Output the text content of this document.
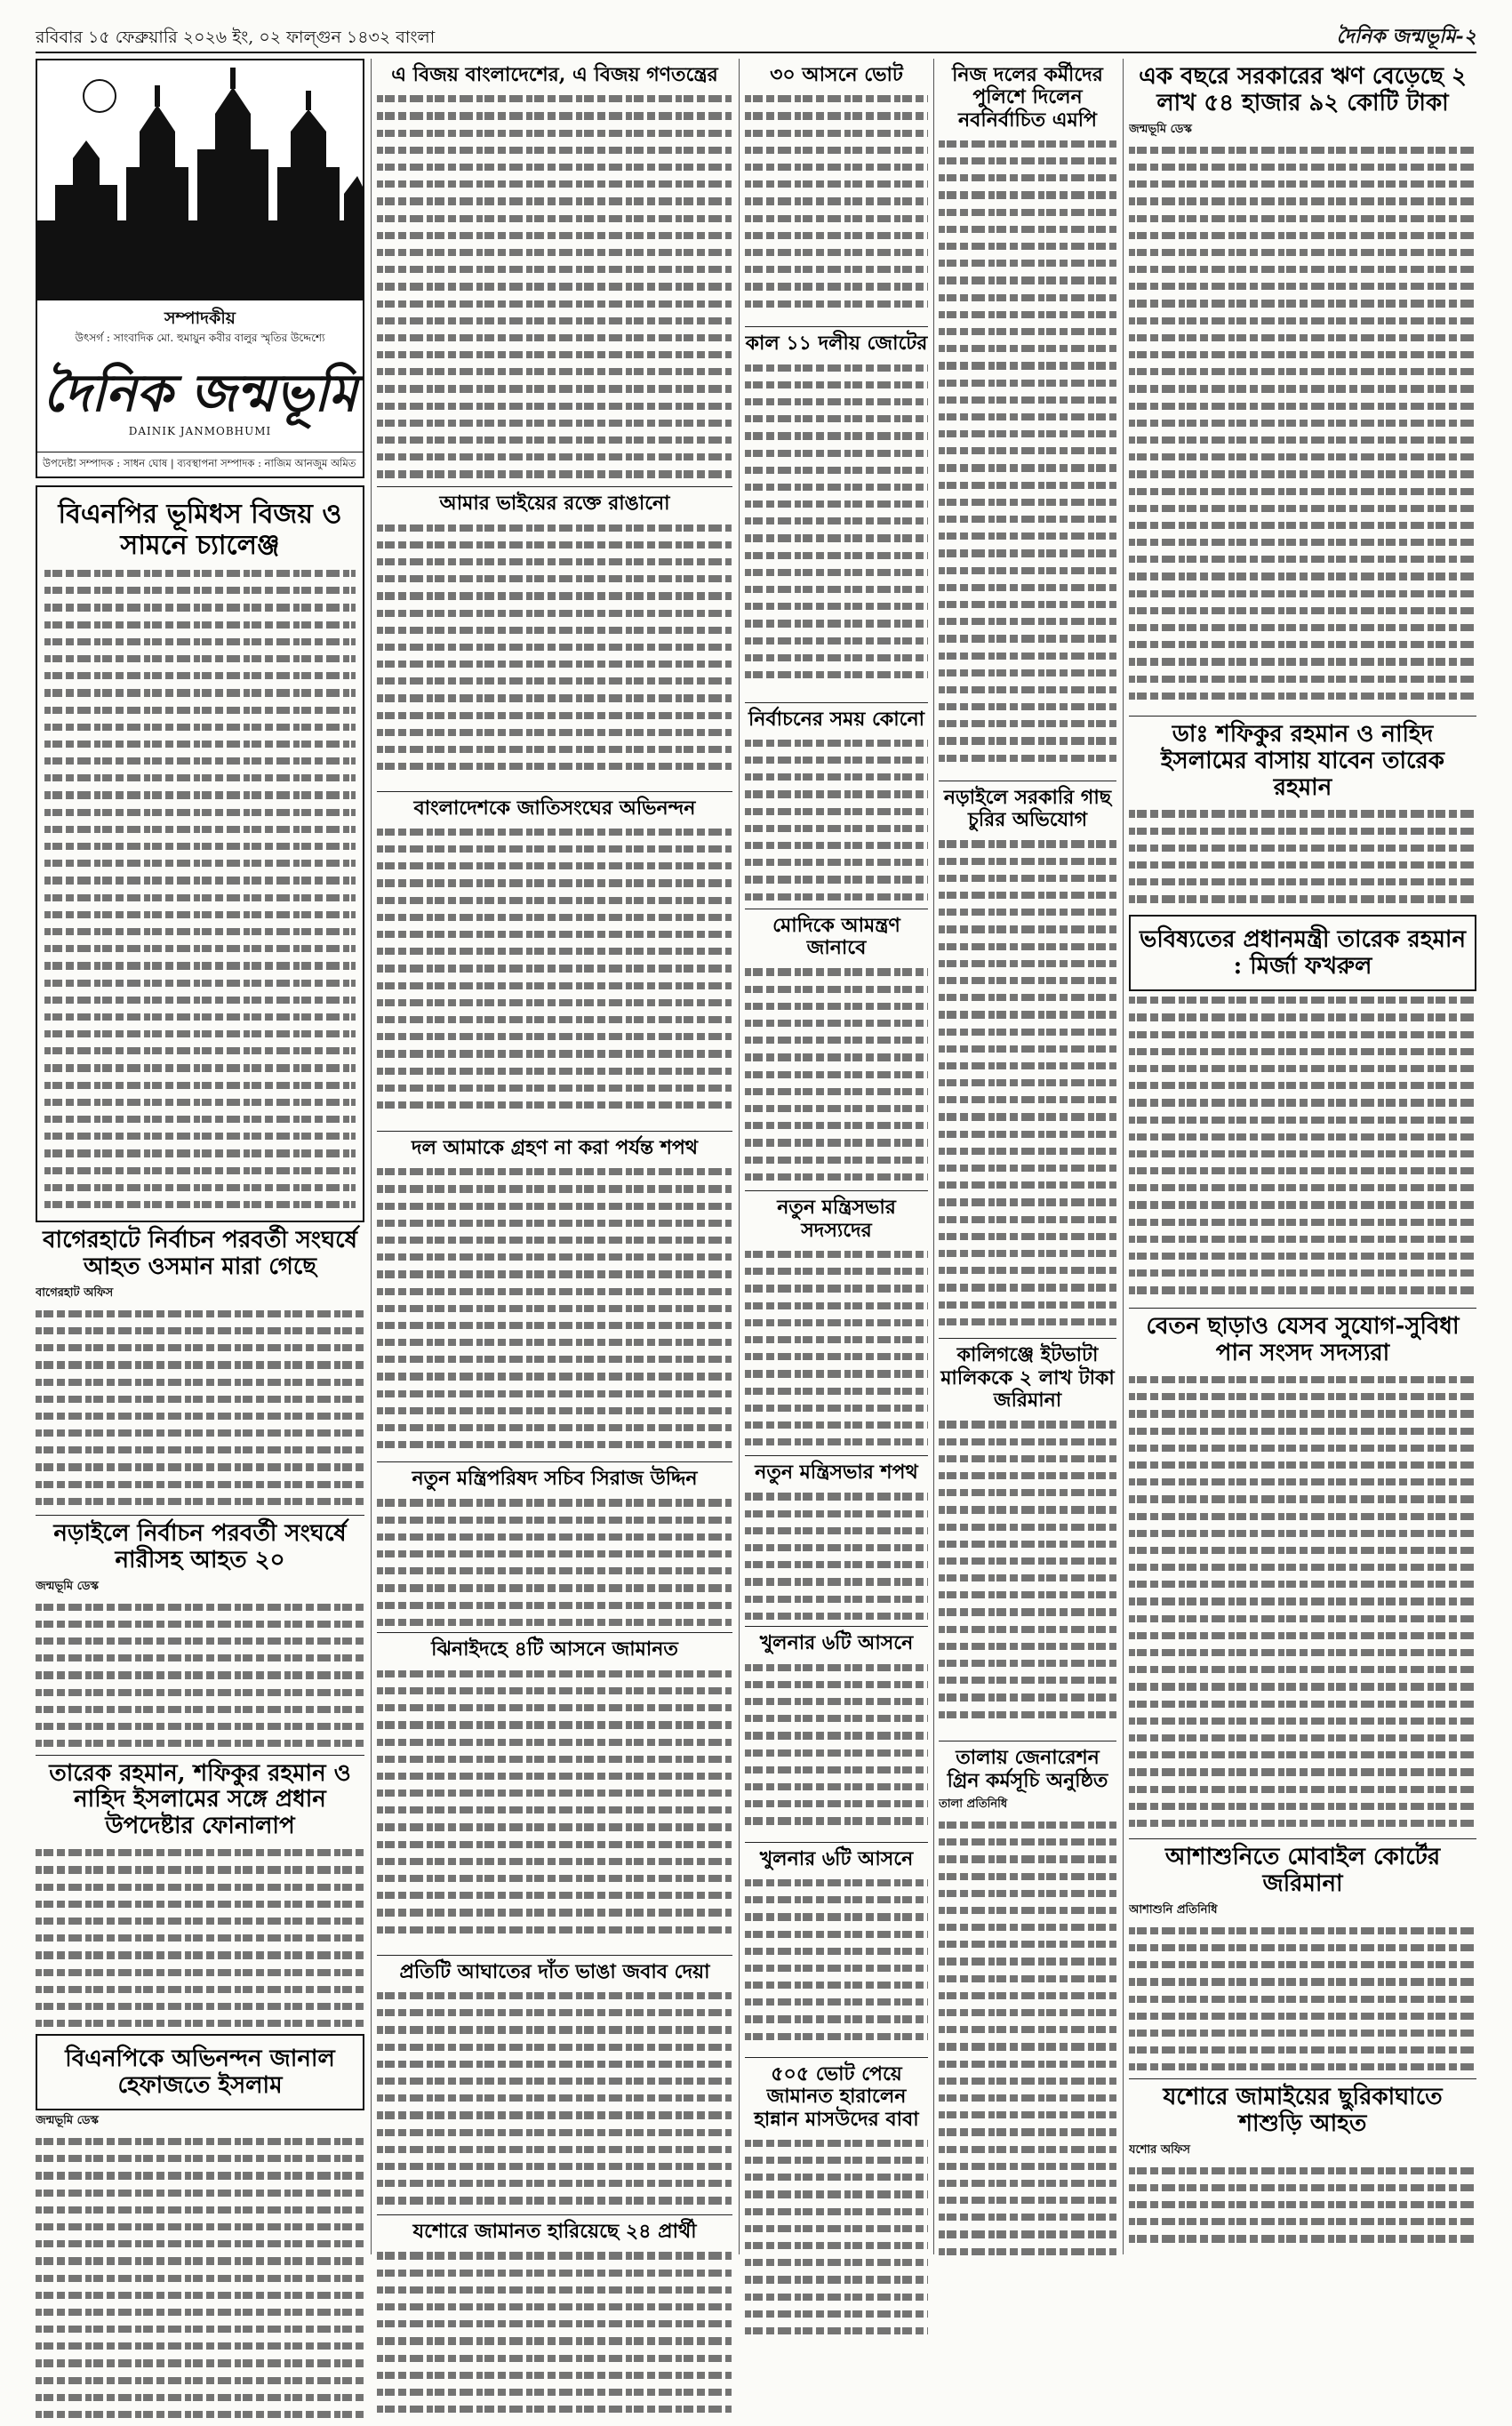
রবিবার ১৫ ফেব্রুয়ারি ২০২৬ ইং, ০২ ফাল্গুন ১৪৩২ বাংলা	দৈনিক জন্মভূমি-২
সম্পাদকীয়
উৎসর্গ : সাংবাদিক মো. হুমায়ুন কবীর বালুর স্মৃতির উদ্দেশ্যে
দৈনিক জন্মভূমি
DAINIK JANMOBHUMI
উপদেষ্টা সম্পাদক : সাধন ঘোষ | ব্যবস্থাপনা সম্পাদক : নাজিম আনজুম অমিত
বিএনপির ভূমিধস বিজয় ও সামনে চ্যালেঞ্জ
বাগেরহাটে নির্বাচন পরবর্তী সংঘর্ষে আহত ওসমান মারা গেছে
বাগেরহাট অফিস
নড়াইলে নির্বাচন পরবর্তী সংঘর্ষে নারীসহ আহত ২০
জন্মভূমি ডেস্ক
তারেক রহমান, শফিকুর রহমান ও নাহিদ ইসলামের সঙ্গে প্রধান উপদেষ্টার ফোনালাপ
বিএনপিকে অভিনন্দন জানাল হেফাজতে ইসলাম
জন্মভূমি ডেস্ক
এ বিজয় বাংলাদেশের, এ বিজয় গণতন্ত্রের
আমার ভাইয়ের রক্তে রাঙানো
বাংলাদেশকে জাতিসংঘের অভিনন্দন
দল আমাকে গ্রহণ না করা পর্যন্ত শপথ
নতুন মন্ত্রিপরিষদ সচিব সিরাজ উদ্দিন
ঝিনাইদহে ৪টি আসনে জামানত
প্রতিটি আঘাতের দাঁত ভাঙা জবাব দেয়া
যশোরে জামানত হারিয়েছে ২৪ প্রার্থী
৩০ আসনে ভোট
কাল ১১ দলীয় জোটের
নির্বাচনের সময় কোনো
মোদিকে আমন্ত্রণ জানাবে
নতুন মন্ত্রিসভার সদস্যদের
নতুন মন্ত্রিসভার শপথ
খুলনার ৬টি আসনে
খুলনার ৬টি আসনে
৫০৫ ভোট পেয়ে জামানত হারালেন হান্নান মাসউদের বাবা
নিজ দলের কর্মীদের পুলিশে দিলেন নবনির্বাচিত এমপি
নড়াইলে সরকারি গাছ চুরির অভিযোগ
কালিগঞ্জে ইটভাটা মালিককে ২ লাখ টাকা জরিমানা
তালায় জেনারেশন গ্রিন কর্মসূচি অনুষ্ঠিত
তালা প্রতিনিধি
এক বছরে সরকারের ঋণ বেড়েছে ২ লাখ ৫৪ হাজার ৯২ কোটি টাকা
জন্মভূমি ডেস্ক
ডাঃ শফিকুর রহমান ও নাহিদ ইসলামের বাসায় যাবেন তারেক রহমান
ভবিষ্যতের প্রধানমন্ত্রী তারেক রহমান : মির্জা ফখরুল
বেতন ছাড়াও যেসব সুযোগ-সুবিধা পান সংসদ সদস্যরা
আশাশুনিতে মোবাইল কোর্টের জরিমানা
আশাশুনি প্রতিনিধি
যশোরে জামাইয়ের ছুরিকাঘাতে শাশুড়ি আহত
যশোর অফিস
